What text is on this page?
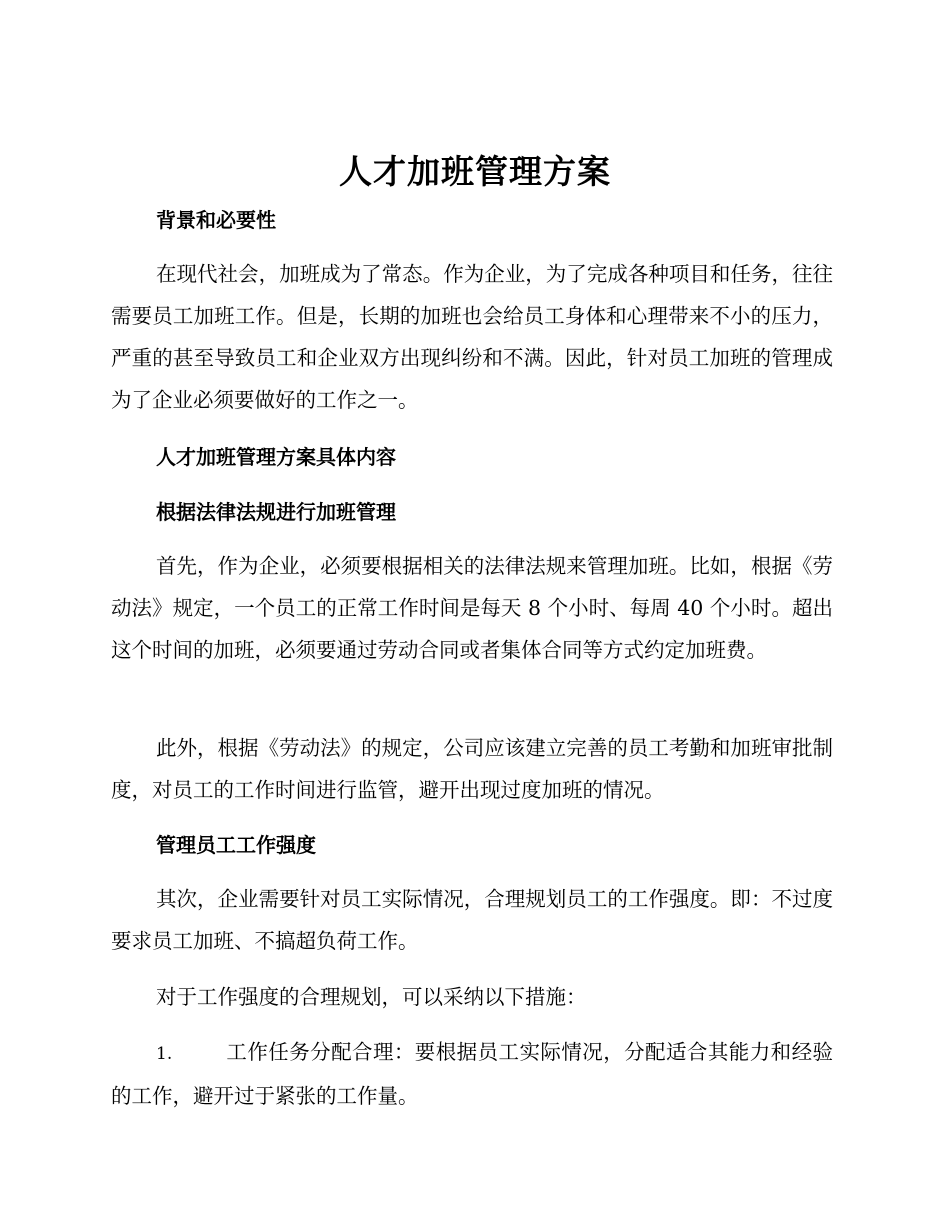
人才加班管理方案
背景和必要性
在现代社会，加班成为了常态。作为企业，为了完成各种项目和任务，往往需要员工加班工作。但是，长期的加班也会给员工身体和心理带来不小的压力，严重的甚至导致员工和企业双方出现纠纷和不满。因此，针对员工加班的管理成为了企业必须要做好的工作之一。
人才加班管理方案具体内容
根据法律法规进行加班管理
首先，作为企业，必须要根据相关的法律法规来管理加班。比如，根据《劳动法》规定，一个员工的正常工作时间是每天 8 个小时、每周 40 个小时。超出这个时间的加班，必须要通过劳动合同或者集体合同等方式约定加班费。
此外，根据《劳动法》的规定，公司应该建立完善的员工考勤和加班审批制度，对员工的工作时间进行监管，避开出现过度加班的情况。
管理员工工作强度
其次，企业需要针对员工实际情况，合理规划员工的工作强度。即：不过度要求员工加班、不搞超负荷工作。
对于工作强度的合理规划，可以采纳以下措施：
1.	工作任务分配合理：要根据员工实际情况，分配适合其能力和经验的工作，避开过于紧张的工作量。
